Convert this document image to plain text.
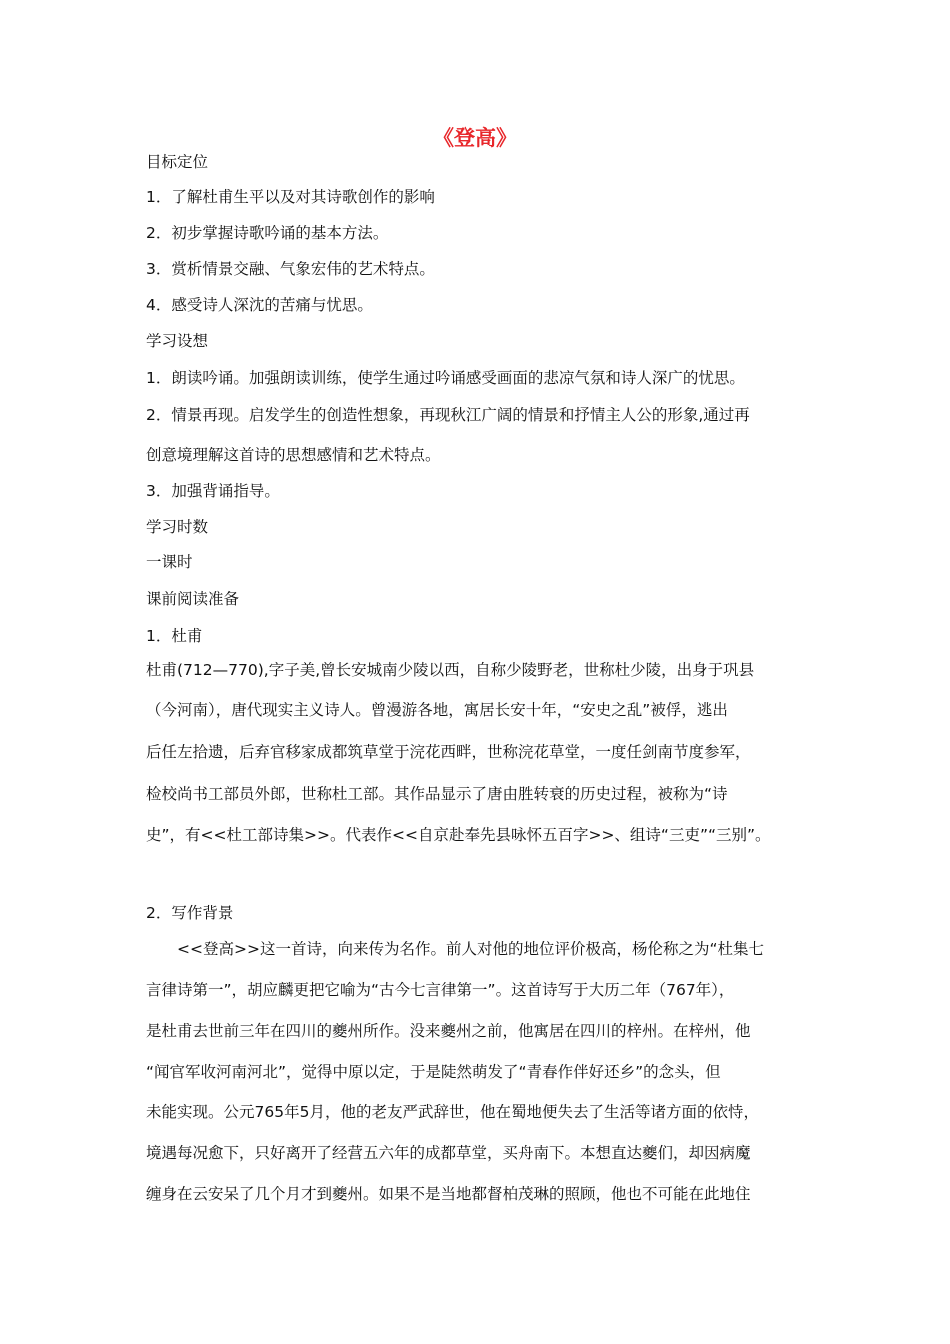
《登高》
目标定位
1．了解杜甫生平以及对其诗歌创作的影响
2．初步掌握诗歌吟诵的基本方法。
3．赏析情景交融、气象宏伟的艺术特点。
4．感受诗人深沈的苦痛与忧思。
学习设想
1．朗读吟诵。加强朗读训练，使学生通过吟诵感受画面的悲凉气氛和诗人深广的忧思。
2．情景再现。启发学生的创造性想象，再现秋江广阔的情景和抒情主人公的形象,通过再
创意境理解这首诗的思想感情和艺术特点。
3．加强背诵指导。
学习时数
一课时
课前阅读准备
1．杜甫
杜甫(712—770),字子美,曾长安城南少陵以西，自称少陵野老，世称杜少陵，出身于巩县
（今河南），唐代现实主义诗人。曾漫游各地，寓居长安十年，“安史之乱”被俘，逃出
后任左拾遗，后弃官移家成都筑草堂于浣花西畔，世称浣花草堂，一度任剑南节度参军，
检校尚书工部员外郎，世称杜工部。其作品显示了唐由胜转衰的历史过程，被称为“诗
史”，有<<杜工部诗集>>。代表作<<自京赴奉先县咏怀五百字>>、组诗“三吏”“三别”。
2．写作背景
<<登高>>这一首诗，向来传为名作。前人对他的地位评价极高，杨伦称之为“杜集七
言律诗第一”，胡应麟更把它喻为“古今七言律第一”。这首诗写于大历二年（767年），
是杜甫去世前三年在四川的夔州所作。没来夔州之前，他寓居在四川的梓州。在梓州，他
“闻官军收河南河北”，觉得中原以定，于是陡然萌发了“青春作伴好还乡”的念头，但
未能实现。公元765年5月，他的老友严武辞世，他在蜀地便失去了生活等诸方面的依恃，
境遇每况愈下，只好离开了经营五六年的成都草堂，买舟南下。本想直达夔们，却因病魔
缠身在云安呆了几个月才到夔州。如果不是当地都督柏茂琳的照顾，他也不可能在此地住
